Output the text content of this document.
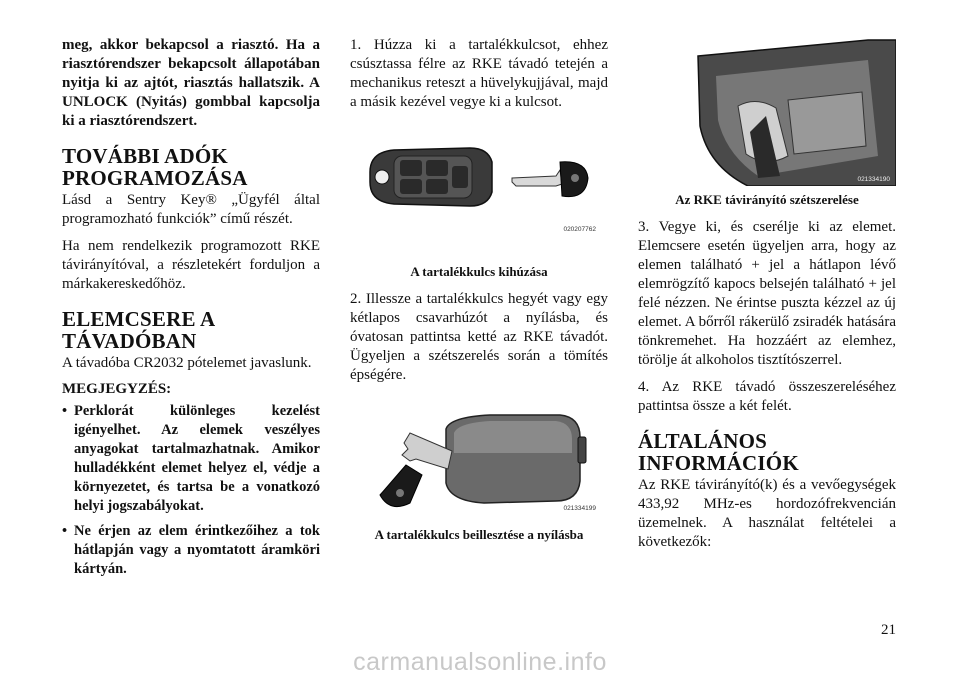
meg, akkor bekapcsol a riasztó. Ha a riasztórendszer bekapcsolt állapotában nyitja ki az ajtót, riasztás hallatszik. A UNLOCK (Nyitás) gombbal kapcsolja ki a riasztórendszert.

TOVÁBBI ADÓK PROGRAMOZÁSA

Lásd a Sentry Key® „Ügyfél által programozható funkciók” című részét.

Ha nem rendelkezik programozott RKE távirányítóval, a részletekért forduljon a márkakereskedőhöz.

ELEMCSERE A TÁVADÓBAN

A távadóba CR2032 pótelemet javaslunk.

MEGJEGYZÉS:
• Perklorát különleges kezelést igényelhet. Az elemek veszélyes anyagokat tartalmazhatnak. Amikor hulladékként elemet helyez el, védje a környezetet, és tartsa be a vonatkozó helyi jogszabályokat.
• Ne érjen az elem érintkezőihez a tok hátlapján vagy a nyomtatott áramköri kártyán.

1. Húzza ki a tartalékkulcsot, ehhez csúsztassa félre az RKE távadó tetején a mechanikus reteszt a hüvelykujjával, majd a másik kezével vegye ki a kulcsot.

020207762
A tartalékkulcs kihúzása

2. Illessze a tartalékkulcs hegyét vagy egy kétlapos csavarhúzót a nyílásba, és óvatosan pattintsa ketté az RKE távadót. Ügyeljen a szétszerelés során a tömítés épségére.

021334199
A tartalékkulcs beillesztése a nyílásba
021334190
Az RKE távirányító szétszerelése

3. Vegye ki, és cserélje ki az elemet. Elemcsere esetén ügyeljen arra, hogy az elemen található + jel a hátlapon lévő elemrögzítő kapocs belsején található + jel felé nézzen. Ne érintse puszta kézzel az új elemet. A bőrről rákerülő zsiradék hatására tönkremehet. Ha hozzáért az elemhez, törölje át alkoholos tisztítószerrel.

4. Az RKE távadó összeszereléséhez pattintsa össze a két felét.

ÁLTALÁNOS INFORMÁCIÓK

Az RKE távirányító(k) és a vevőegységek 433,92 MHz-es hordozófrekvencián üzemelnek. A használat feltételei a következők:

21
carmanualsonline.info
